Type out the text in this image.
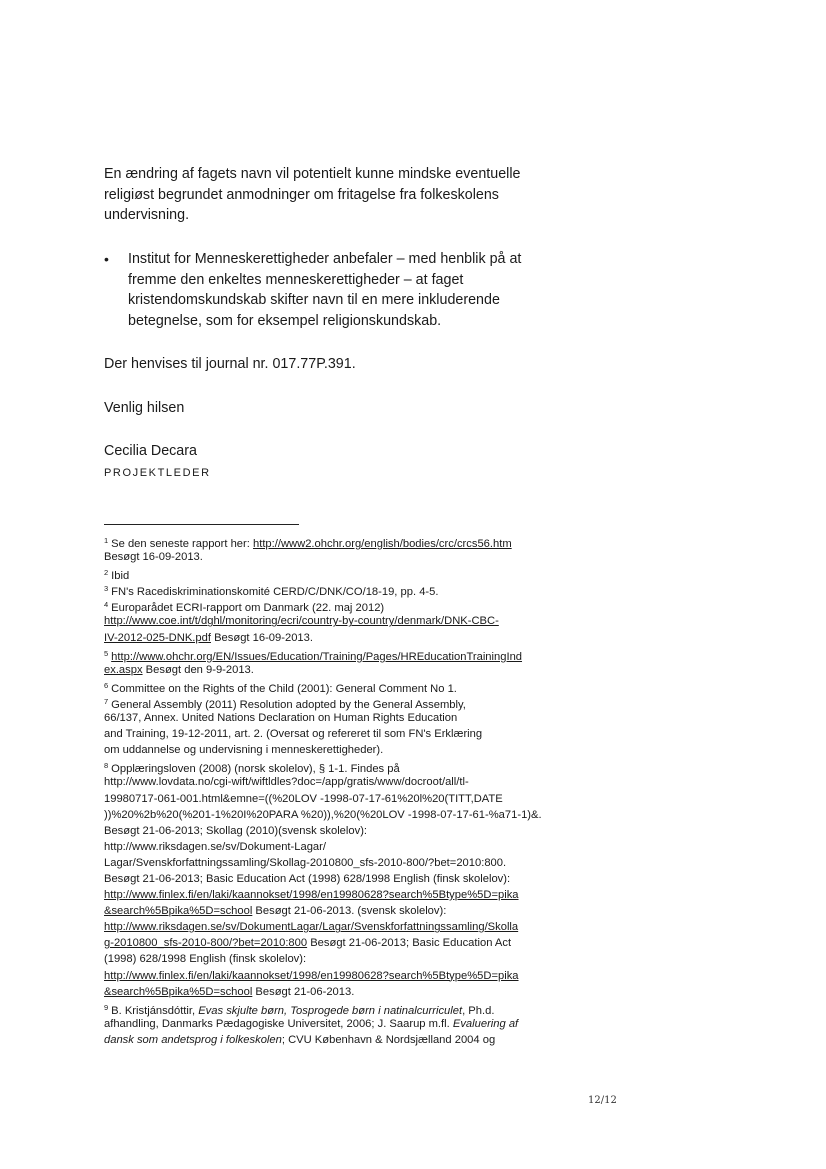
En ændring af fagets navn vil potentielt kunne mindske eventuelle
religiøst begrundet anmodninger om fritagelse fra folkeskolens
undervisning.
• Institut for Menneskerettigheder anbefaler – med henblik på at
fremme den enkeltes menneskerettigheder – at faget
kristendomskundskab skifter navn til en mere inkluderende
betegnelse, som for eksempel religionskundskab.
Der henvises til journal nr. 017.77P.391.
Venlig hilsen
Cecilia Decara
PROJEKTLEDER
$^1$ Se den seneste rapport her: http://www2.ohchr.org/english/bodies/crc/crcs56.htm
Besøgt 16-09-2013.
$^2$ Ibid
$^3$ FN's Racediskriminationskomité CERD/C/DNK/CO/18-19, pp. 4-5.
$^4$ Europarådet ECRI-rapport om Danmark (22. maj 2012)
http://www.coe.int/t/dghl/monitoring/ecri/country-by-country/denmark/DNK-CBC-
IV-2012-025-DNK.pdf Besøgt 16-09-2013.
$^5$ http://www.ohchr.org/EN/Issues/Education/Training/Pages/HREducationTrainingInd
ex.aspx Besøgt den 9-9-2013.
$^6$ Committee on the Rights of the Child (2001): General Comment No 1.
$^7$ General Assembly (2011) Resolution adopted by the General Assembly,
66/137, Annex. United Nations Declaration on Human Rights Education
and Training, 19-12-2011, art. 2. (Oversat og refereret til som FN's Erklæring
om uddannelse og undervisning i menneskerettigheder).
$^8$ Opplæringsloven (2008) (norsk skolelov), § 1-1. Findes på
http://www.lovdata.no/cgi-wift/wiftldles?doc=/app/gratis/www/docroot/all/tl-
19980717-061-001.html&emne=((%20LOV -1998-07-17-61%20l%20(TITT,DATE
))%20%2b%20(%201-1%20I%20PARA %20)),%20(%20LOV -1998-07-17-61-%a71-1)&.
Besøgt 21-06-2013; Skollag (2010)(svensk skolelov):
http://www.riksdagen.se/sv/Dokument-Lagar/
Lagar/Svenskforfattningssamling/Skollag-2010800_sfs-2010-800/?bet=2010:800.
Besøgt 21-06-2013; Basic Education Act (1998) 628/1998 English (finsk skolelov):
http://www.finlex.fi/en/laki/kaannokset/1998/en19980628?search%5Btype%5D=pika
&search%5Bpika%5D=school Besøgt 21-06-2013. (svensk skolelov):
http://www.riksdagen.se/sv/DokumentLagar/Lagar/Svenskforfattningssamling/Skolla
g-2010800_sfs-2010-800/?bet=2010:800 Besøgt 21-06-2013; Basic Education Act
(1998) 628/1998 English (finsk skolelov):
http://www.finlex.fi/en/laki/kaannokset/1998/en19980628?search%5Btype%5D=pika
&search%5Bpika%5D=school Besøgt 21-06-2013.
$^9$ B. Kristjánsdóttir, Evas skjulte børn, Tosprogede børn i natinalcurriculet, Ph.d.
afhandling, Danmarks Pædagogiske Universitet, 2006; J. Saarup m.fl. Evaluering af
dansk som andetsprog i folkeskolen; CVU København & Nordsjælland 2004 og
12/12
